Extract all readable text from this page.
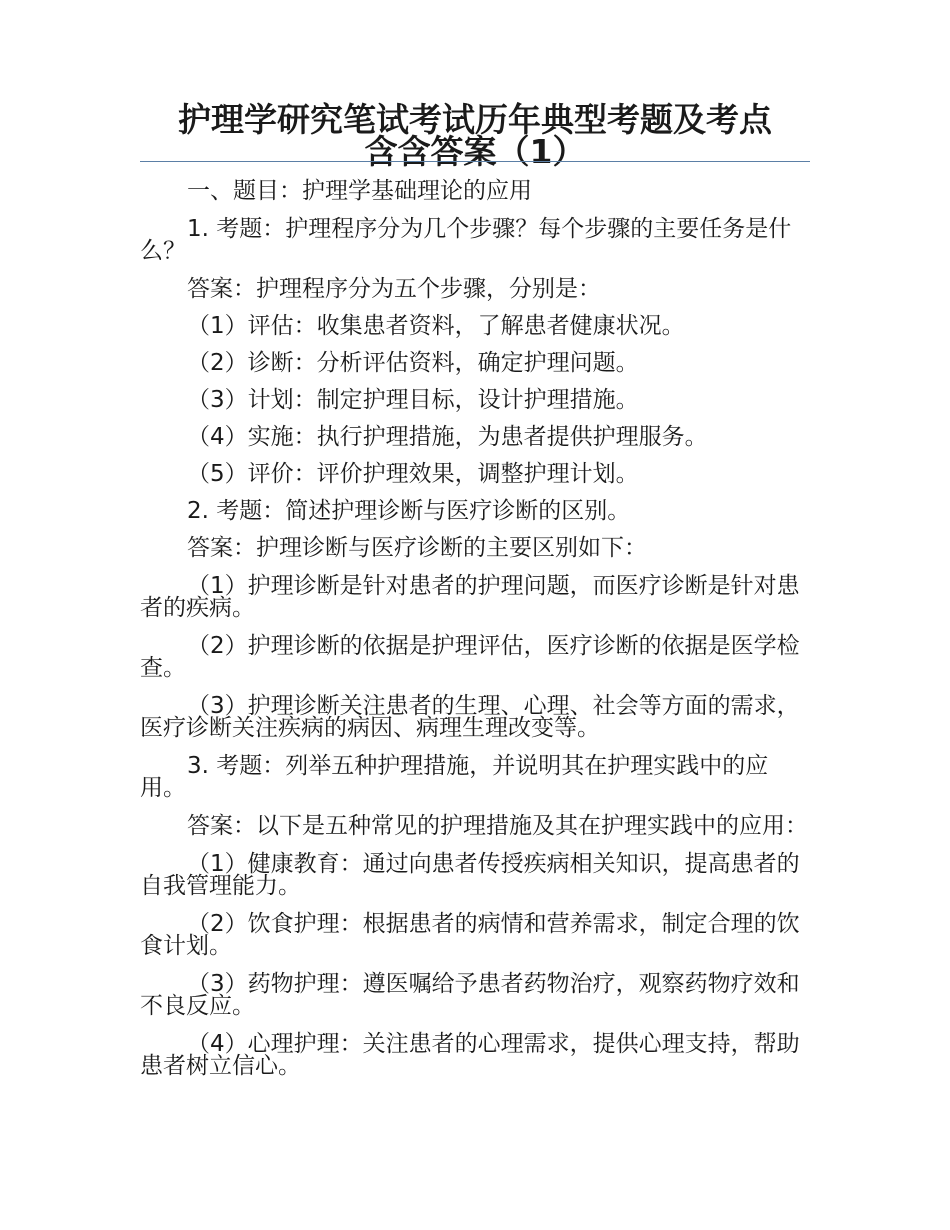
护理学研究笔试考试历年典型考题及考点
含含答案（1）

一、题目：护理学基础理论的应用

1. 考题：护理程序分为几个步骤？每个步骤的主要任务是什么？

答案：护理程序分为五个步骤，分别是：

（1）评估：收集患者资料，了解患者健康状况。

（2）诊断：分析评估资料，确定护理问题。

（3）计划：制定护理目标，设计护理措施。

（4）实施：执行护理措施，为患者提供护理服务。

（5）评价：评价护理效果，调整护理计划。

2. 考题：简述护理诊断与医疗诊断的区别。

答案：护理诊断与医疗诊断的主要区别如下：

（1）护理诊断是针对患者的护理问题，而医疗诊断是针对患者的疾病。

（2）护理诊断的依据是护理评估，医疗诊断的依据是医学检查。

（3）护理诊断关注患者的生理、心理、社会等方面的需求，医疗诊断关注疾病的病因、病理生理改变等。

3. 考题：列举五种护理措施，并说明其在护理实践中的应用。

答案：以下是五种常见的护理措施及其在护理实践中的应用：

（1）健康教育：通过向患者传授疾病相关知识，提高患者的自我管理能力。

（2）饮食护理：根据患者的病情和营养需求，制定合理的饮食计划。

（3）药物护理：遵医嘱给予患者药物治疗，观察药物疗效和不良反应。

（4）心理护理：关注患者的心理需求，提供心理支持，帮助患者树立信心。
